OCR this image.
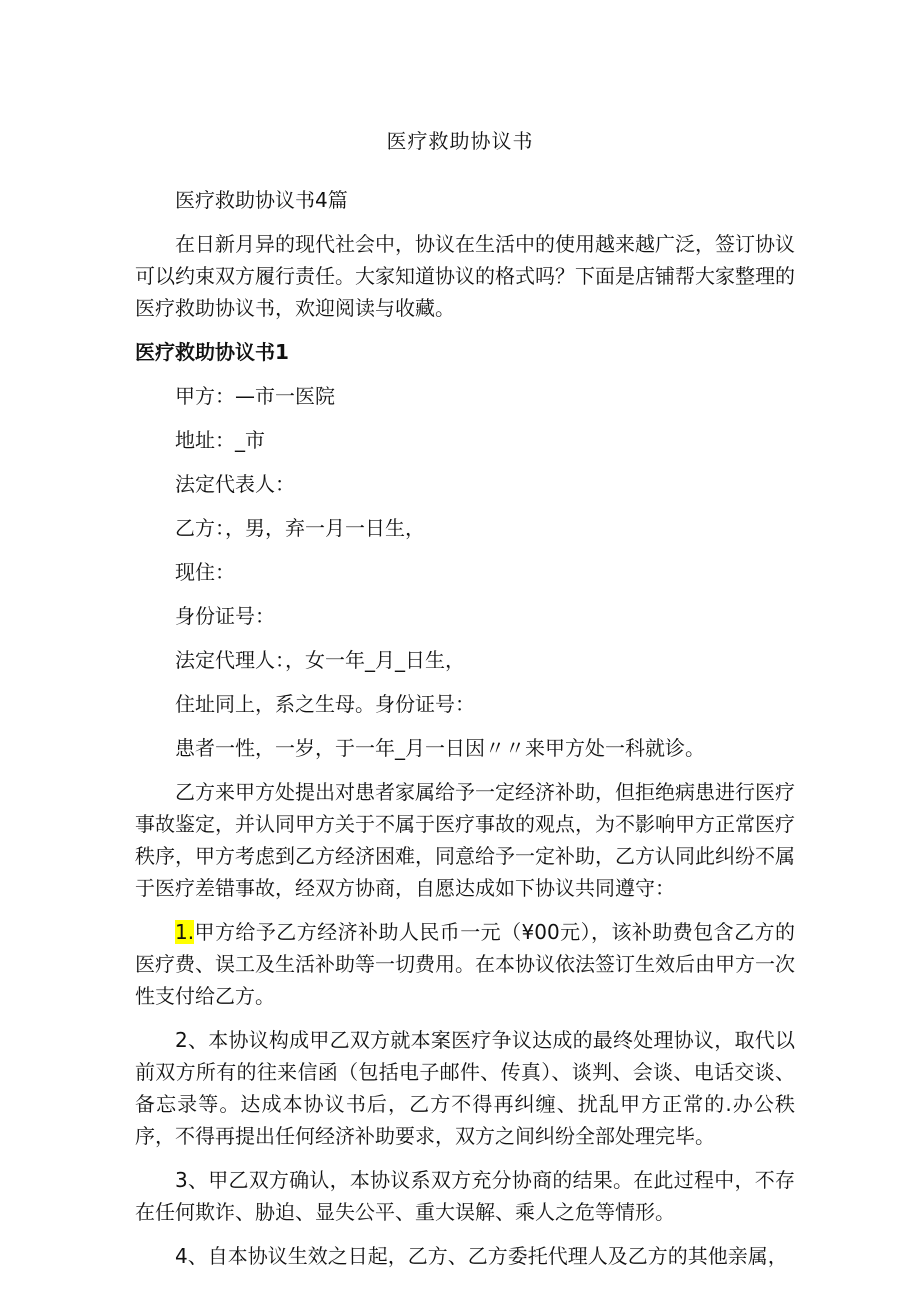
医疗救助协议书

医疗救助协议书4篇

在日新月异的现代社会中，协议在生活中的使用越来越广泛，签订协议可以约束双方履行责任。大家知道协议的格式吗？下面是店铺帮大家整理的医疗救助协议书，欢迎阅读与收藏。

医疗救助协议书1
甲方：—市一医院
地址：_市
法定代表人：
乙方：，男，弃一月一日生，
现住：
身份证号：
法定代理人：，女一年_月_日生，
住址同上，系之生母。身份证号：
患者一性，一岁，于一年_月一日因〃〃来甲方处一科就诊。

乙方来甲方处提出对患者家属给予一定经济补助，但拒绝病患进行医疗事故鉴定，并认同甲方关于不属于医疗事故的观点，为不影响甲方正常医疗秩序，甲方考虑到乙方经济困难，同意给予一定补助，乙方认同此纠纷不属于医疗差错事故，经双方协商，自愿达成如下协议共同遵守：

1.甲方给予乙方经济补助人民币一元（¥00元），该补助费包含乙方的医疗费、误工及生活补助等一切费用。在本协议依法签订生效后由甲方一次性支付给乙方。

2、本协议构成甲乙双方就本案医疗争议达成的最终处理协议，取代以前双方所有的往来信函（包括电子邮件、传真）、谈判、会谈、电话交谈、备忘录等。达成本协议书后，乙方不得再纠缠、扰乱甲方正常的.办公秩序，不得再提出任何经济补助要求，双方之间纠纷全部处理完毕。

3、甲乙双方确认，本协议系双方充分协商的结果。在此过程中，不存在任何欺诈、胁迫、显失公平、重大误解、乘人之危等情形。

4、自本协议生效之日起，乙方、乙方委托代理人及乙方的其他亲属，
